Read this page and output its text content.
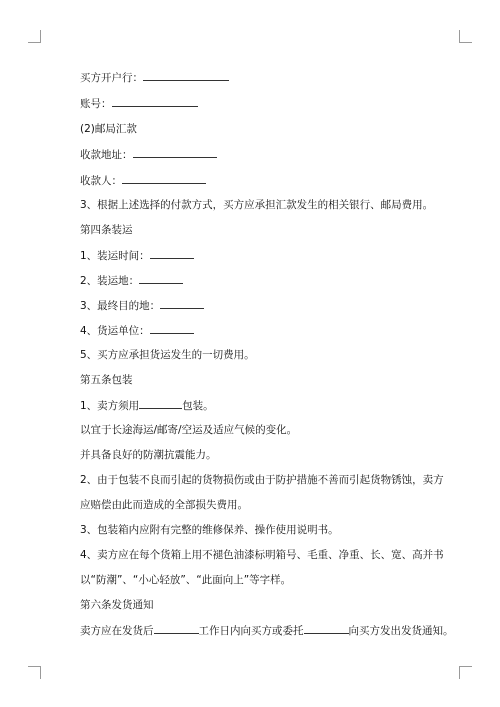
买方开户行：
账号：
(2)邮局汇款
收款地址：
收款人：
3、根据上述选择的付款方式，买方应承担汇款发生的相关银行、邮局费用。
第四条装运
1、装运时间：
2、装运地：
3、最终目的地：
4、货运单位：
5、买方应承担货运发生的一切费用。
第五条包装
1、卖方须用	包装。
以宜于长途海运/邮寄/空运及适应气候的变化。
并具备良好的防潮抗震能力。
2、由于包装不良而引起的货物损伤或由于防护措施不善而引起货物锈蚀，卖方
应赔偿由此而造成的全部损失费用。
3、包装箱内应附有完整的维修保养、操作使用说明书。
4、卖方应在每个货箱上用不褪色油漆标明箱号、毛重、净重、长、宽、高并书
以“防潮”、“小心轻放”、“此面向上”等字样。
第六条发货通知
卖方应在发货后	工作日内向买方或委托	向买方发出发货通知。
